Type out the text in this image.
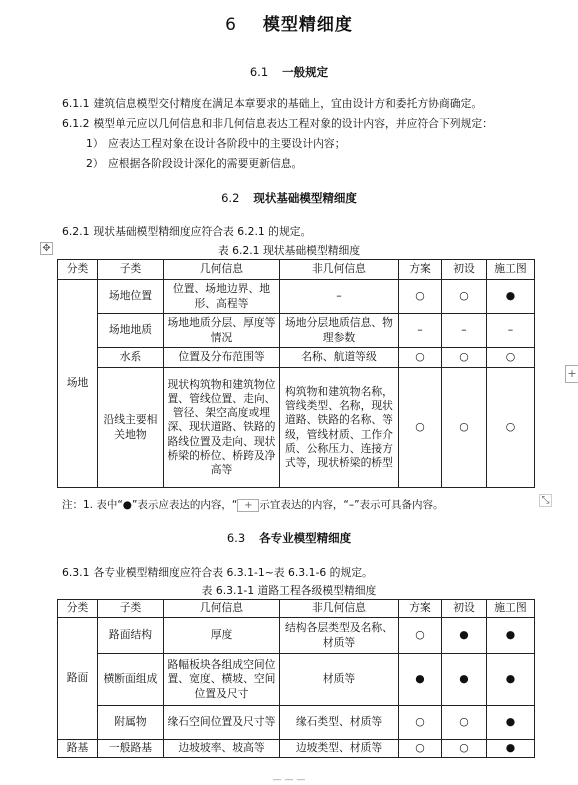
6 模型精细度
6.1 一般规定
6.1.1 建筑信息模型交付精度在满足本章要求的基础上，宜由设计方和委托方协商确定。
6.1.2 模型单元应以几何信息和非几何信息表达工程对象的设计内容，并应符合下列规定：
1） 应表达工程对象在设计各阶段中的主要设计内容；
2） 应根据各阶段设计深化的需要更新信息。
6.2 现状基础模型精细度
6.2.1 现状基础模型精细度应符合表 6.2.1 的规定。
✥	表 6.2.1 现状基础模型精细度
分类	子类	几何信息	非几何信息	方案	初设	施工图
场地	场地位置	位置、场地边界、地形、高程等	–	○	○	●
	场地地质	场地地质分层、厚度等情况	场地分层地质信息、物理参数	–	–	–
	水系	位置及分布范围等	名称、航道等级	○	○	○
	沿线主要相关地物	现状构筑物和建筑物位置、管线位置、走向、管径、架空高度或埋深、现状道路、铁路的路线位置及走向、现状桥梁的桥位、桥跨及净高等	构筑物和建筑物名称，管线类型、名称，现状道路、铁路的名称、等级，管线材质、工作介质、公称压力、连接方式等，现状桥梁的桥型	○	○	○
+
注：1. 表中“●”表示应表达的内容，“ + 示宜表达的内容，“–”表示可具备内容。	⤡
6.3 各专业模型精细度
6.3.1 各专业模型精细度应符合表 6.3.1-1~表 6.3.1-6 的规定。
表 6.3.1-1 道路工程各级模型精细度
分类	子类	几何信息	非几何信息	方案	初设	施工图
路面	路面结构	厚度	结构各层类型及名称、材质等	○	●	●
	横断面组成	路幅板块各组成空间位置、宽度、横坡、空间位置及尺寸	材质等	●	●	●
	附属物	缘石空间位置及尺寸等	缘石类型、材质等	○	○	●
路基	一般路基	边坡坡率、坡高等	边坡类型、材质等	○	○	●
— — —
